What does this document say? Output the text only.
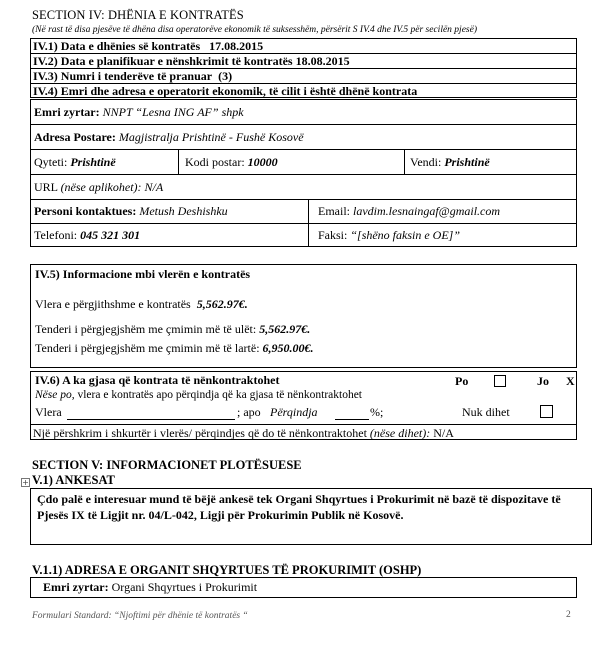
SECTION IV: DHËNIA E KONTRATËS
(Në rast të disa pjesëve të dhëna disa operatorëve ekonomik të suksesshëm, përsërit S IV.4 dhe IV.5 për secilën pjesë)
IV.1) Data e dhënies së kontratës 17.08.2015
IV.2) Data e planifikuar e nënshkrimit të kontratës 18.08.2015
IV.3) Numri i tenderëve të pranuar (3)
IV.4) Emri dhe adresa e operatorit ekonomik, të cilit i është dhënë kontrata
Emri zyrtar: NNPT “Lesna ING AF” shpk
Adresa Postare: Magjistralja Prishtinë - Fushë Kosovë
Qyteti: Prishtinë	Kodi postar: 10000	Vendi: Prishtinë
URL (nëse aplikohet): N/A
Personi kontaktues: Metush Deshishku	Email: lavdim.lesnaingaf@gmail.com
Telefoni: 045 321 301	Faksi: “[shëno faksin e OE]”
IV.5) Informacione mbi vlerën e kontratës
Vlera e përgjithshme e kontratës 5,562.97€.
Tenderi i përgjegjshëm me çmimin më të ulët: 5,562.97€.
Tenderi i përgjegjshëm me çmimin më të lartë: 6,950.00€.
IV.6) A ka gjasa që kontrata të nënkontraktohet	Po	Jo X
Nëse po, vlera e kontratës apo përqindja që ka gjasa të nënkontraktohet
Vlera	; apo Përqindja	%;	Nuk dihet
Një përshkrim i shkurtër i vlerës/ përqindjes që do të nënkontraktohet (nëse dihet): N/A
SECTION V: INFORMACIONET PLOTËSUESE
+ V.1) ANKESAT
Çdo palë e interesuar mund të bëjë ankesë tek Organi Shqyrtues i Prokurimit në bazë të dispozitave të Pjesës IX të Ligjit nr. 04/L-042, Ligji për Prokurimin Publik në Kosovë.
V.1.1) ADRESA E ORGANIT SHQYRTUES TË PROKURIMIT (OSHP)
Emri zyrtar: Organi Shqyrtues i Prokurimit
Formulari Standard: “Njoftimi për dhënie të kontratës “	2
